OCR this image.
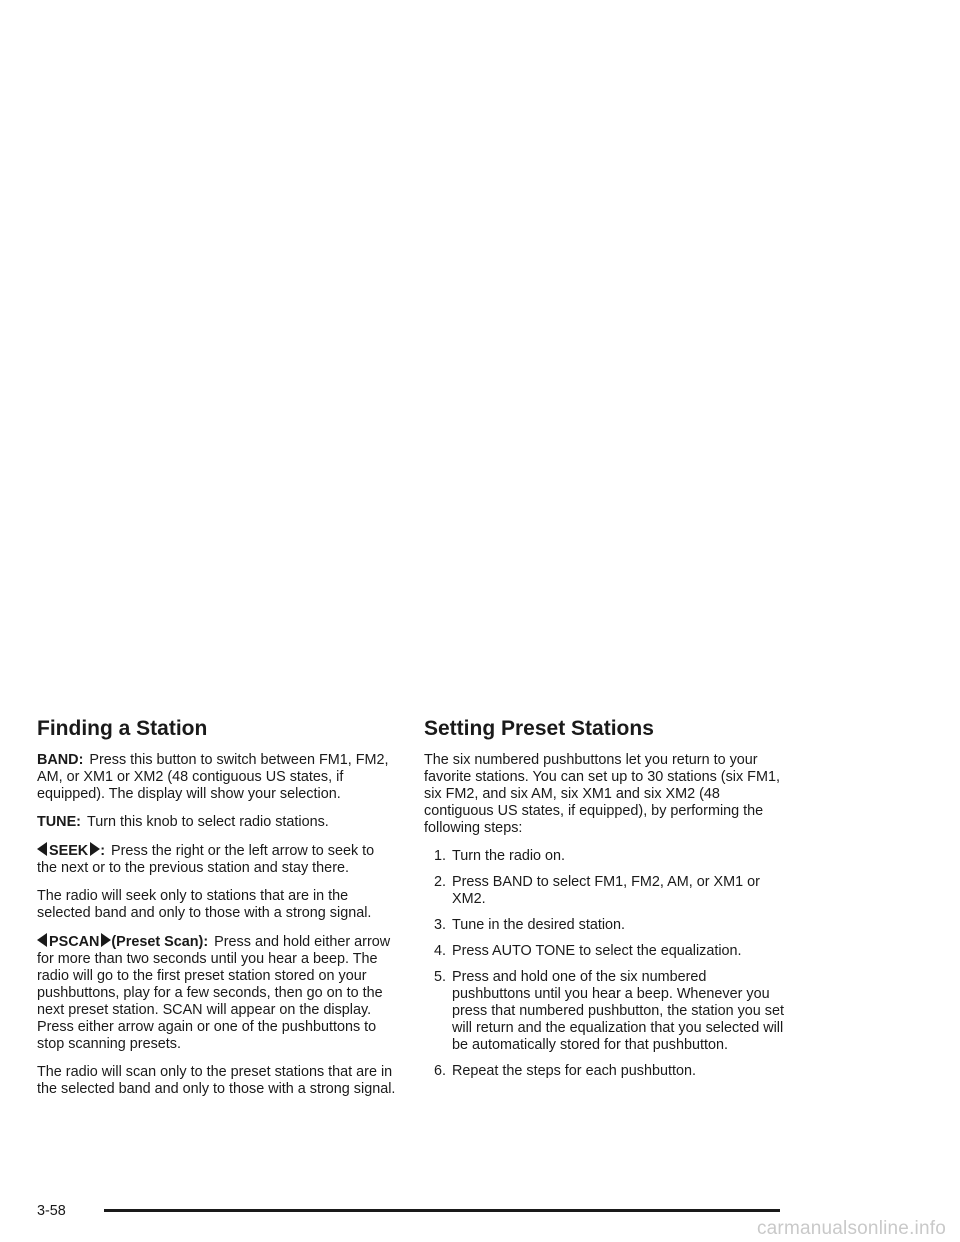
Finding a Station

BAND: Press this button to switch between FM1, FM2, AM, or XM1 or XM2 (48 contiguous US states, if equipped). The display will show your selection.

TUNE: Turn this knob to select radio stations.

SEEK : Press the right or the left arrow to seek to the next or to the previous station and stay there.

The radio will seek only to stations that are in the selected band and only to those with a strong signal.

PSCAN (Preset Scan): Press and hold either arrow for more than two seconds until you hear a beep. The radio will go to the first preset station stored on your pushbuttons, play for a few seconds, then go on to the next preset station. SCAN will appear on the display. Press either arrow again or one of the pushbuttons to stop scanning presets.

The radio will scan only to the preset stations that are in the selected band and only to those with a strong signal.

Setting Preset Stations

The six numbered pushbuttons let you return to your favorite stations. You can set up to 30 stations (six FM1, six FM2, and six AM, six XM1 and six XM2 (48 contiguous US states, if equipped), by performing the following steps:

1. Turn the radio on.
2. Press BAND to select FM1, FM2, AM, or XM1 or XM2.
3. Tune in the desired station.
4. Press AUTO TONE to select the equalization.
5. Press and hold one of the six numbered pushbuttons until you hear a beep. Whenever you press that numbered pushbutton, the station you set will return and the equalization that you selected will be automatically stored for that pushbutton.
6. Repeat the steps for each pushbutton.
3-58
carmanualsonline.info
